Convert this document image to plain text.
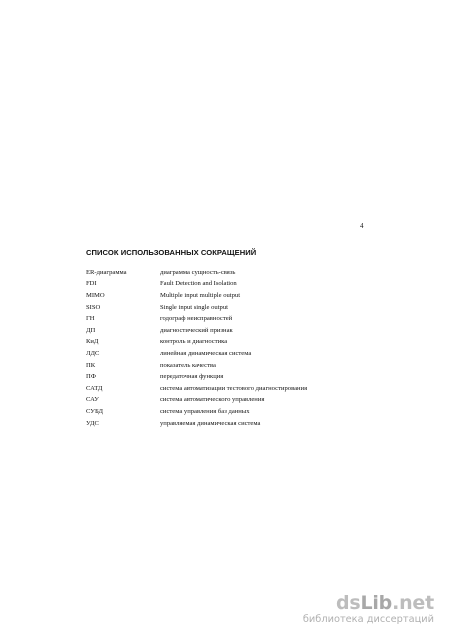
4
СПИСОК ИСПОЛЬЗОВАННЫХ СОКРАЩЕНИЙ
ER-диаграмма	диаграмма сущность-связь
FDI	Fault Detection and Isolation
MIMO	Multiple input multiple output
SISO	Single input single output
ГН	годограф неисправностей
ДП	диагностический признак
КиД	контроль и диагностика
ЛДС	линейная динамическая система
ПК	показатель качества
ПФ	передаточная функция
САТД	система автоматизации тестового диагностирования
САУ	система автоматического управления
СУБД	система управления баз данных
УДС	управляемая динамическая система
dsLib.net
библиотека диссертаций
